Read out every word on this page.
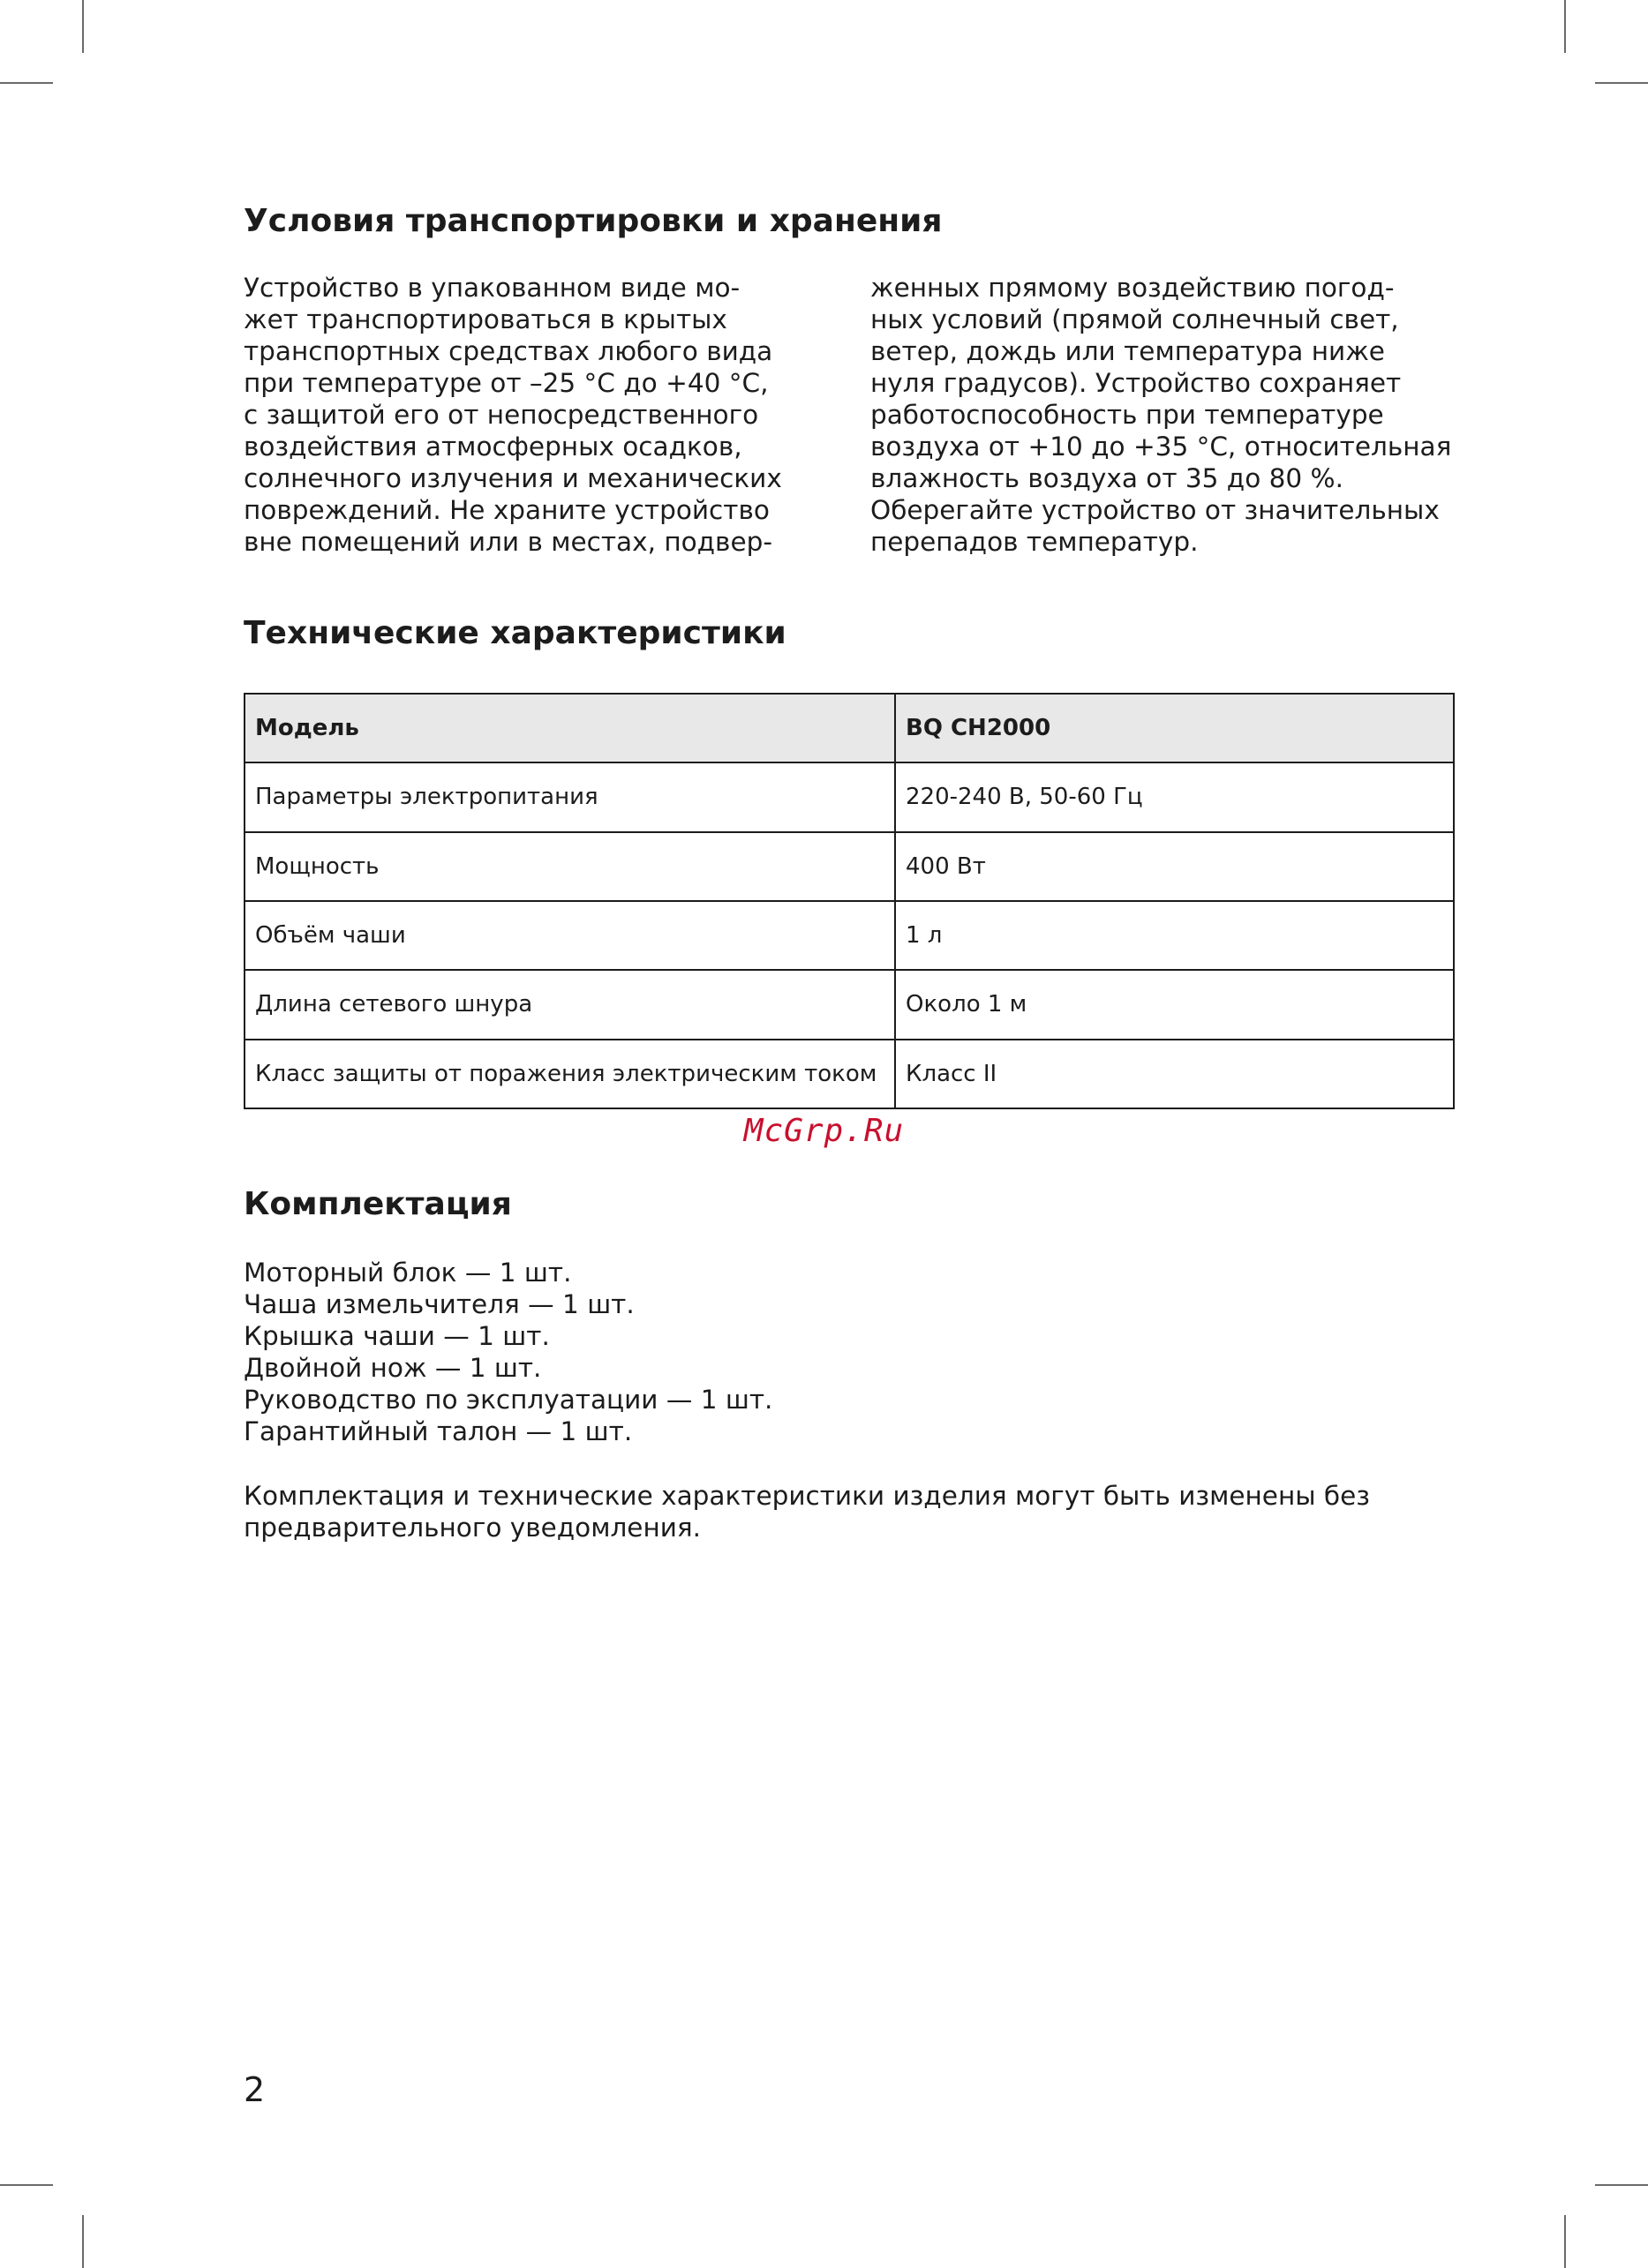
Условия транспортировки и хранения
Устройство в упакованном виде мо-
жет транспортироваться в крытых
транспортных средствах любого вида
при температуре от –25 °С до +40 °С,
с защитой его от непосредственного
воздействия атмосферных осадков,
солнечного излучения и механических
повреждений. Не храните устройство
вне помещений или в местах, подвер-
женных прямому воздействию погод-
ных условий (прямой солнечный свет,
ветер, дождь или температура ниже
нуля градусов). Устройство сохраняет
работоспособность при температуре
воздуха от +10 до +35 °С, относительная
влажность воздуха от 35 до 80 %.
Оберегайте устройство от значительных
перепадов температур.
Технические характеристики
Модель	BQ CH2000
Параметры электропитания	220-240 В, 50-60 Гц
Мощность	400 Вт
Объём чаши	1 л
Длина сетевого шнура	Около 1 м
Класс защиты от поражения электрическим током	Класс II
McGrp.Ru
Комплектация
Моторный блок — 1 шт.
Чаша измельчителя — 1 шт.
Крышка чаши — 1 шт.
Двойной нож — 1 шт.
Руководство по эксплуатации — 1 шт.
Гарантийный талон — 1 шт.
Комплектация и технические характеристики изделия могут быть изменены без
предварительного уведомления.
2
